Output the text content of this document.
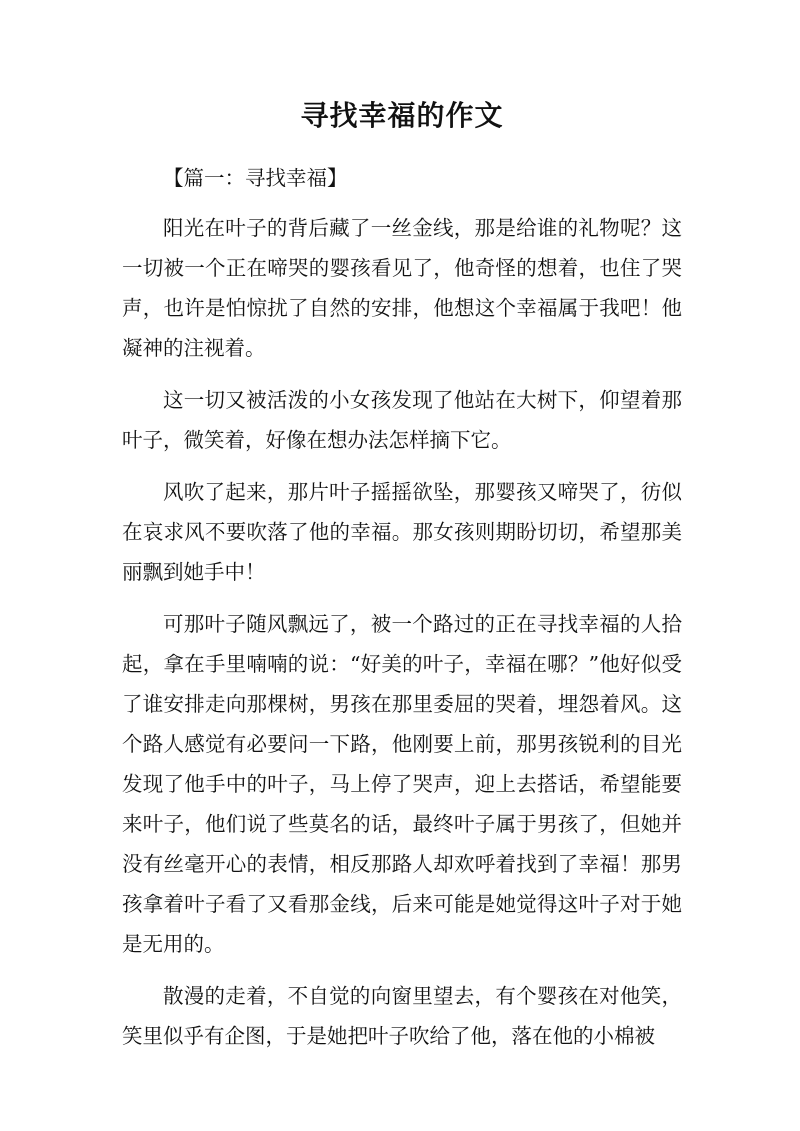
寻找幸福的作文

【篇一：寻找幸福】

阳光在叶子的背后藏了一丝金线，那是给谁的礼物呢？这一切被一个正在啼哭的婴孩看见了，他奇怪的想着，也住了哭声，也许是怕惊扰了自然的安排，他想这个幸福属于我吧！他凝神的注视着。

这一切又被活泼的小女孩发现了他站在大树下，仰望着那叶子，微笑着，好像在想办法怎样摘下它。

风吹了起来，那片叶子摇摇欲坠，那婴孩又啼哭了，彷似在哀求风不要吹落了他的幸福。那女孩则期盼切切，希望那美丽飘到她手中！

可那叶子随风飘远了，被一个路过的正在寻找幸福的人拾起，拿在手里喃喃的说：“好美的叶子，幸福在哪？”他好似受了谁安排走向那棵树，男孩在那里委屈的哭着，埋怨着风。这个路人感觉有必要问一下路，他刚要上前，那男孩锐利的目光发现了他手中的叶子，马上停了哭声，迎上去搭话，希望能要来叶子，他们说了些莫名的话，最终叶子属于男孩了，但她并没有丝毫开心的表情，相反那路人却欢呼着找到了幸福！那男孩拿着叶子看了又看那金线，后来可能是她觉得这叶子对于她是无用的。

散漫的走着，不自觉的向窗里望去，有个婴孩在对他笑，笑里似乎有企图，于是她把叶子吹给了他，落在他的小棉被
